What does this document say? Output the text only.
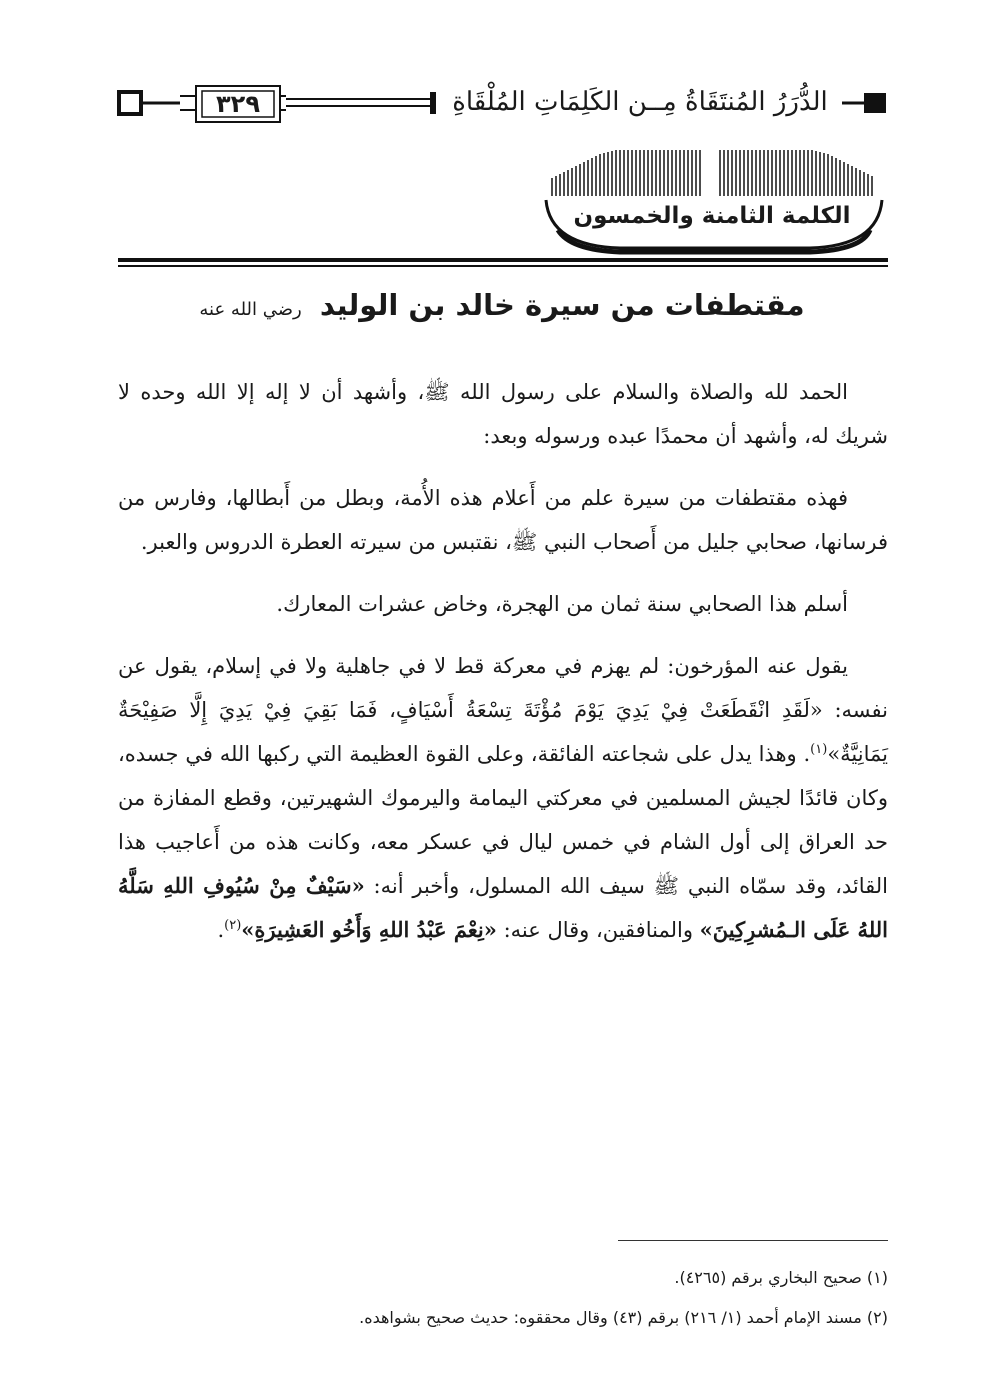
الدُّرَرُ المُنتَقَاةُ مِــن الكَلِمَاتِ المُلْقَاةِ
٣٢٩
الكلمة الثامنة والخمسون
مقتطفات من سيرة خالد بن الوليد رضي الله عنه

الحمد لله والصلاة والسلام على رسول الله ﷺ، وأشهد أن لا إله إلا الله وحده لا شريك له، وأشهد أن محمدًا عبده ورسوله وبعد:

فهذه مقتطفات من سيرة علم من أَعلام هذه الأُمة، وبطل من أَبطالها، وفارس من فرسانها، صحابي جليل من أَصحاب النبي ﷺ، نقتبس من سيرته العطرة الدروس والعبر.

أسلم هذا الصحابي سنة ثمان من الهجرة، وخاض عشرات المعارك.

يقول عنه المؤرخون: لم يهزم في معركة قط لا في جاهلية ولا في إسلام، يقول عن نفسه: «لَقَدِ انْقَطَعَتْ فِيْ يَدِيَ يَوْمَ مُؤْتَةَ تِسْعَةُ أَسْيَافٍ، فَمَا بَقِيَ فِيْ يَدِيَ إِلَّا صَفِيْحَةٌ يَمَانِيَّةٌ»$^{(١)}$. وهذا يدل على شجاعته الفائقة، وعلى القوة العظيمة التي ركبها الله في جسده، وكان قائدًا لجيش المسلمين في معركتي اليمامة واليرموك الشهيرتين، وقطع المفازة من حد العراق إلى أول الشام في خمس ليال في عسكر معه، وكانت هذه من أَعاجيب هذا القائد، وقد سمّاه النبي ﷺ سيف الله المسلول، وأخبر أنه: «سَيْفٌ مِنْ سُيُوفِ اللهِ سَلَّهُ اللهُ عَلَى الـمُشرِكِينَ» والمنافقين، وقال عنه: «نِعْمَ عَبْدُ اللهِ وَأَخُو العَشِيرَةِ»$^{(٢)}$.

(١) صحيح البخاري برقم (٤٢٦٥).
(٢) مسند الإمام أحمد (١/ ٢١٦) برقم (٤٣) وقال محققوه: حديث صحيح بشواهده.
